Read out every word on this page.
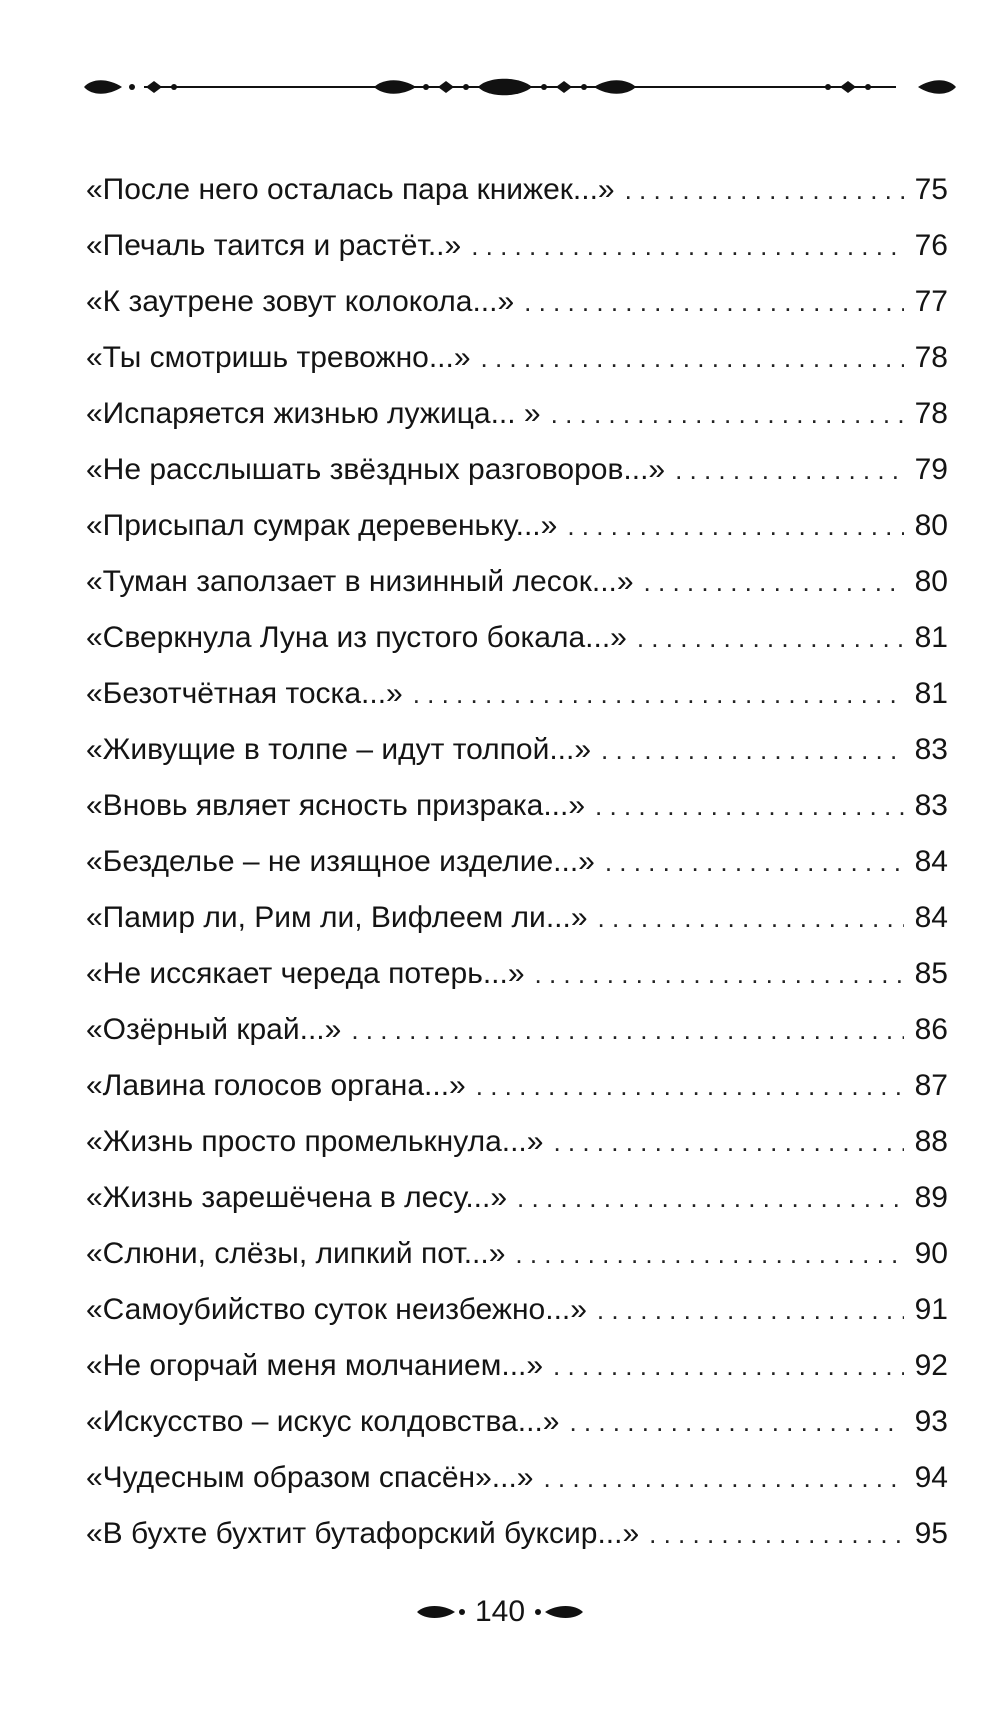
«После него осталась пара книжек...» . . .	75
«Печаль таится и растёт..» . . .	76
«К заутрене зовут колокола...» . . .	77
«Ты смотришь тревожно...» . . .	78
«Испаряется жизнью лужица... » . . .	78
«Не расслышать звёздных разговоров...» . . .	79
«Присыпал сумрак деревеньку...» . . .	80
«Туман заползает в низинный лесок...» . . .	80
«Сверкнула Луна из пустого бокала...» . . .	81
«Безотчётная тоска...» . . .	81
«Живущие в толпе – идут толпой...» . . .	83
«Вновь являет ясность призрака...» . . .	83
«Безделье – не изящное изделие...» . . .	84
«Памир ли, Рим ли, Вифлеем ли...» . . .	84
«Не иссякает череда потерь...» . . .	85
«Озёрный край...» . . .	86
«Лавина голосов органа...» . . .	87
«Жизнь просто промелькнула...» . . .	88
«Жизнь зарешёчена в лесу...» . . .	89
«Слюни, слёзы, липкий пот...» . . .	90
«Самоубийство суток неизбежно...» . . .	91
«Не огорчай меня молчанием...» . . .	92
«Искусство – искус колдовства...» . . .	93
«Чудесным образом спасён»...» . . .	94
«В бухте бухтит бутафорский буксир...» . . .	95
140
